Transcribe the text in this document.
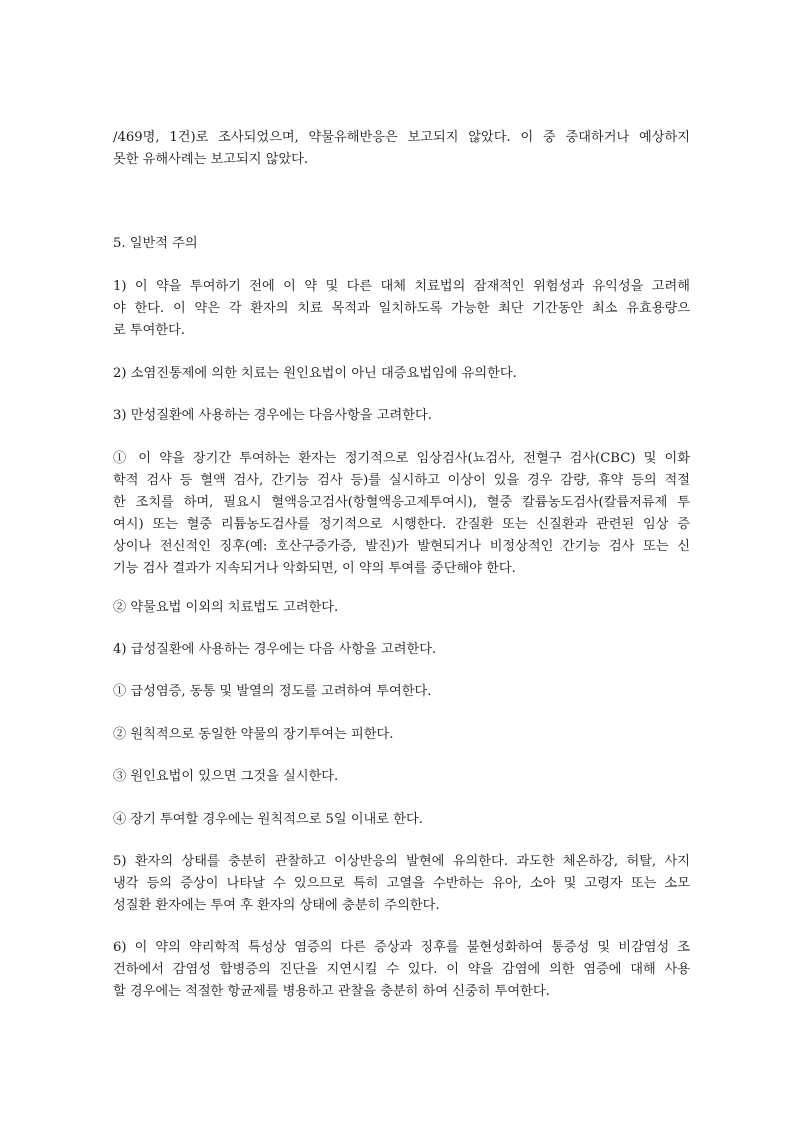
/469명, 1건)로 조사되었으며, 약물유해반응은 보고되지 않았다. 이 중 중대하거나 예상하지
못한 유해사례는 보고되지 않았다.
5. 일반적 주의
1) 이 약을 투여하기 전에 이 약 및 다른 대체 치료법의 잠재적인 위험성과 유익성을 고려해
야 한다. 이 약은 각 환자의 치료 목적과 일치하도록 가능한 최단 기간동안 최소 유효용량으
로 투여한다.
2) 소염진통제에 의한 치료는 원인요법이 아닌 대증요법임에 유의한다.
3) 만성질환에 사용하는 경우에는 다음사항을 고려한다.
① 이 약을 장기간 투여하는 환자는 정기적으로 임상검사(뇨검사, 전혈구 검사(CBC) 및 이화
학적 검사 등 혈액 검사, 간기능 검사 등)를 실시하고 이상이 있을 경우 감량, 휴약 등의 적절
한 조치를 하며, 필요시 혈액응고검사(항혈액응고제투여시), 혈중 칼륨농도검사(칼륨저류제 투
여시) 또는 혈중 리튬농도검사를 정기적으로 시행한다. 간질환 또는 신질환과 관련된 임상 증
상이나 전신적인 징후(예: 호산구증가증, 발진)가 발현되거나 비정상적인 간기능 검사 또는 신
기능 검사 결과가 지속되거나 악화되면, 이 약의 투여를 중단해야 한다.
② 약물요법 이외의 치료법도 고려한다.
4) 급성질환에 사용하는 경우에는 다음 사항을 고려한다.
① 급성염증, 동통 및 발열의 정도를 고려하여 투여한다.
② 원칙적으로 동일한 약물의 장기투여는 피한다.
③ 원인요법이 있으면 그것을 실시한다.
④ 장기 투여할 경우에는 원칙적으로 5일 이내로 한다.
5) 환자의 상태를 충분히 관찰하고 이상반응의 발현에 유의한다. 과도한 체온하강, 허탈, 사지
냉각 등의 증상이 나타날 수 있으므로 특히 고열을 수반하는 유아, 소아 및 고령자 또는 소모
성질환 환자에는 투여 후 환자의 상태에 충분히 주의한다.
6) 이 약의 약리학적 특성상 염증의 다른 증상과 징후를 불현성화하여 통증성 및 비감염성 조
건하에서 감염성 합병증의 진단을 지연시킬 수 있다. 이 약을 감염에 의한 염증에 대해 사용
할 경우에는 적절한 항균제를 병용하고 관찰을 충분히 하여 신중히 투여한다.
